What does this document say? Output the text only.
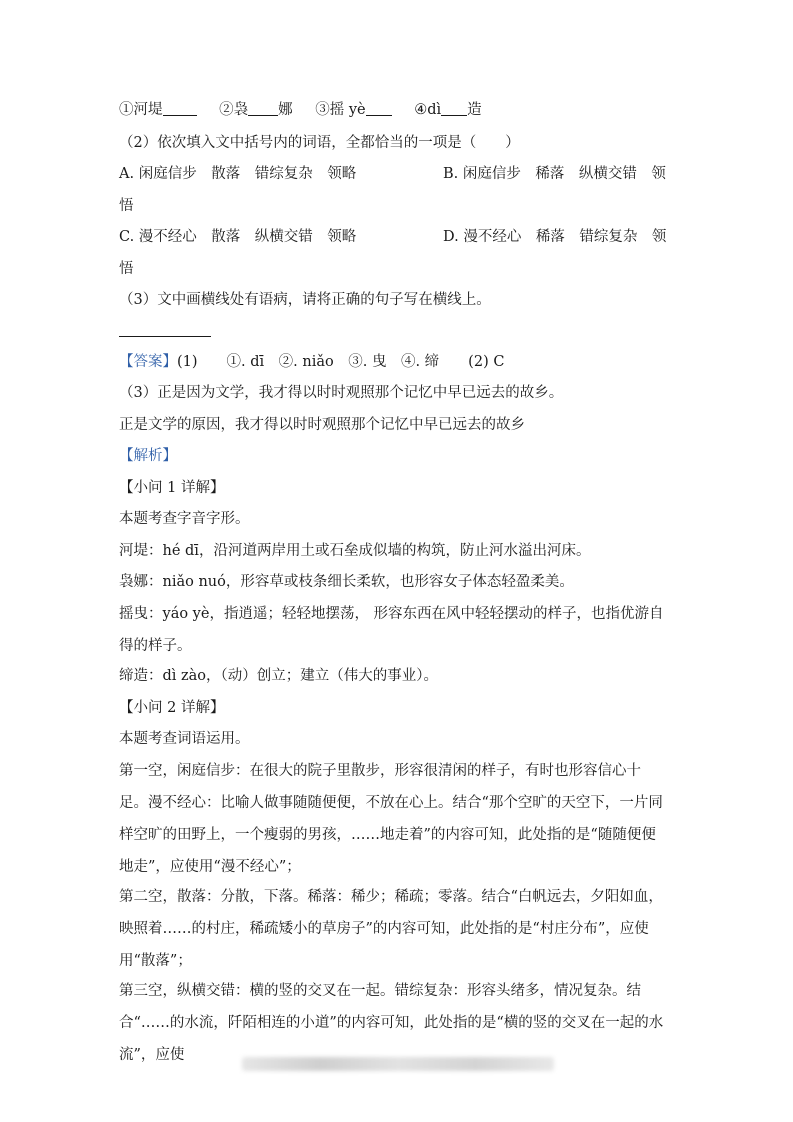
①河堤	②袅 娜 ③摇 yè	④dì 造
（2）依次填入文中括号内的词语，全都恰当的一项是（　　）
A. 闲庭信步　散落　错综复杂　领略	B. 闲庭信步　稀落　纵横交错　领
悟
C. 漫不经心　散落　纵横交错　领略	D. 漫不经心　稀落　错综复杂　领
悟
（3）文中画横线处有语病，请将正确的句子写在横线上。
【答案】(1)　　①. dī　②. niǎo　③. 曳　④. 缔　　(2) C
（3）正是因为文学，我才得以时时观照那个记忆中早已远去的故乡。
正是文学的原因，我才得以时时观照那个记忆中早已远去的故乡
【解析】
【小问 1 详解】
本题考查字音字形。
河堤：hé dī，沿河道两岸用土或石垒成似墙的构筑，防止河水溢出河床。
袅娜：niǎo nuó，形容草或枝条细长柔软，也形容女子体态轻盈柔美。
摇曳：yáo yè，指逍遥；轻轻地摆荡， 形容东西在风中轻轻摆动的样子，也指优游自得的样子。
缔造：dì zào，（动）创立；建立（伟大的事业）。
【小问 2 详解】
本题考查词语运用。
第一空，闲庭信步：在很大的院子里散步，形容很清闲的样子，有时也形容信心十足。漫不经心：比喻人做事随随便便，不放在心上。结合“那个空旷的天空下，一片同样空旷的田野上，一个瘦弱的男孩，……地走着”的内容可知，此处指的是“随随便便地走”，应使用“漫不经心”；
第二空，散落：分散，下落。稀落：稀少；稀疏；零落。结合“白帆远去，夕阳如血，映照着……的村庄，稀疏矮小的草房子”的内容可知，此处指的是“村庄分布”，应使用“散落”；
第三空，纵横交错：横的竖的交叉在一起。错综复杂：形容头绪多，情况复杂。结合“……的水流，阡陌相连的小道”的内容可知，此处指的是“横的竖的交叉在一起的水流”，应使
